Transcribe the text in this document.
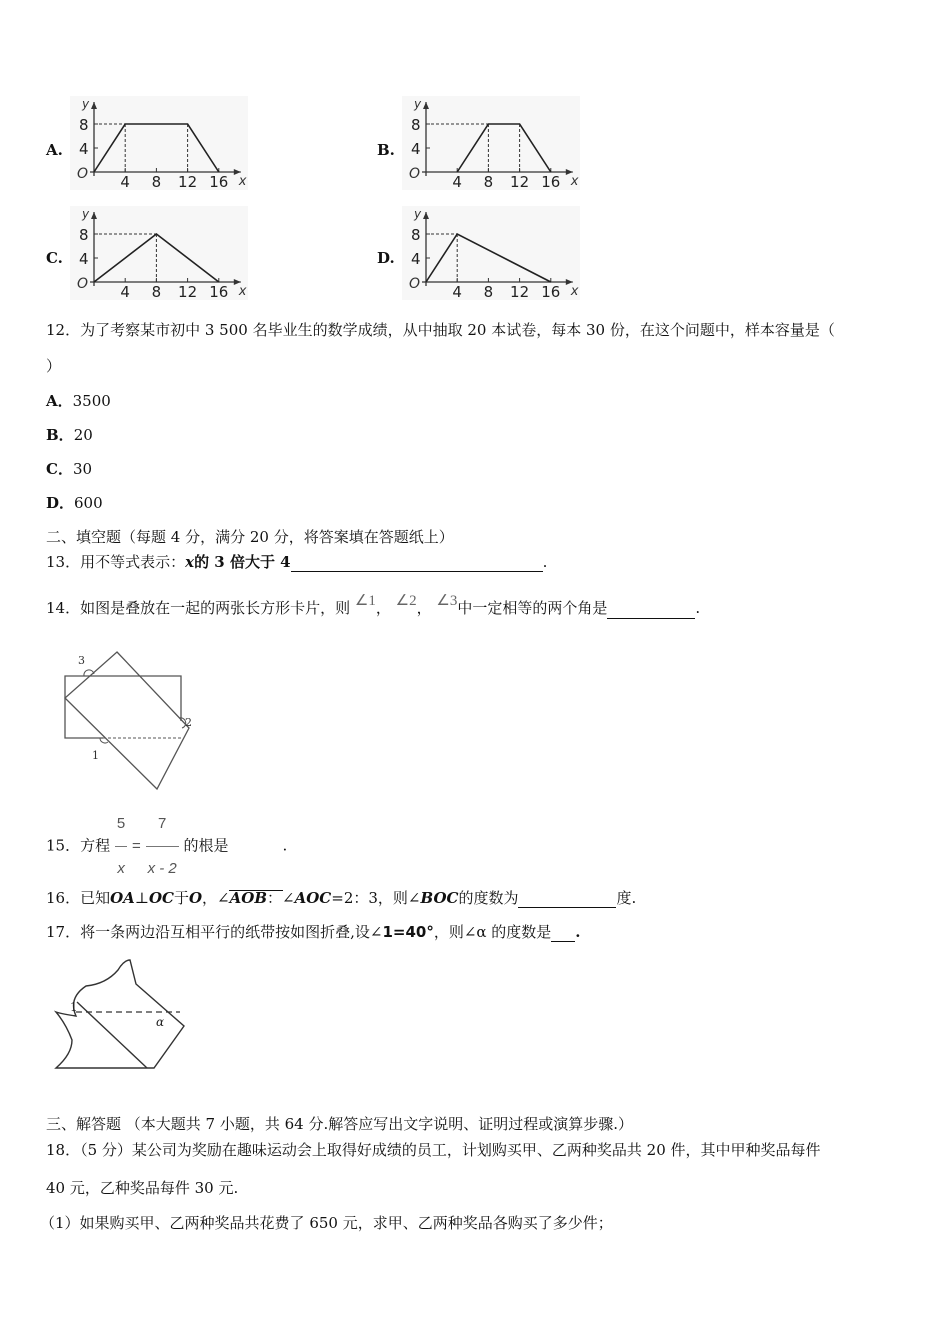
A.	B.
C.	D.
x
y
O
8
4
4 8 12 16	x
y
O
8
4
4 8 12 16
x
y
O
8
4
4 8 12 16	x
y
O
8
4
4 8 12 16
12．为了考察某市初中 3 500 名毕业生的数学成绩，从中抽取 20 本试卷，每本 30 份，在这个问题中，样本容量是（
）
A．3500
B．20
C．30
D．600
二、填空题（每题 4 分，满分 20 分，将答案填在答题纸上）
13．用不等式表示：x的 3 倍大于 4	.
14．如图是叠放在一起的两张长方形卡片，则 ∠1， ∠2， ∠3中一定相等的两个角是	.
3
2
1
15．方程 $\frac{5}{x} = \frac{7}{x - 2}$ 的根是	.
16．已知OA⊥OC于O，∠AOB：∠AOC=2：3，则∠BOC的度数为	度.
17．将一条两边沿互相平行的纸带按如图折叠,设∠1=40°，则∠α 的度数是 .
1
α
三、解答题 （本大题共 7 小题，共 64 分.解答应写出文字说明、证明过程或演算步骤.）
18．（5 分）某公司为奖励在趣味运动会上取得好成绩的员工，计划购买甲、乙两种奖品共 20 件，其中甲种奖品每件
40 元，乙种奖品每件 30 元.
（1）如果购买甲、乙两种奖品共花费了 650 元，求甲、乙两种奖品各购买了多少件；
